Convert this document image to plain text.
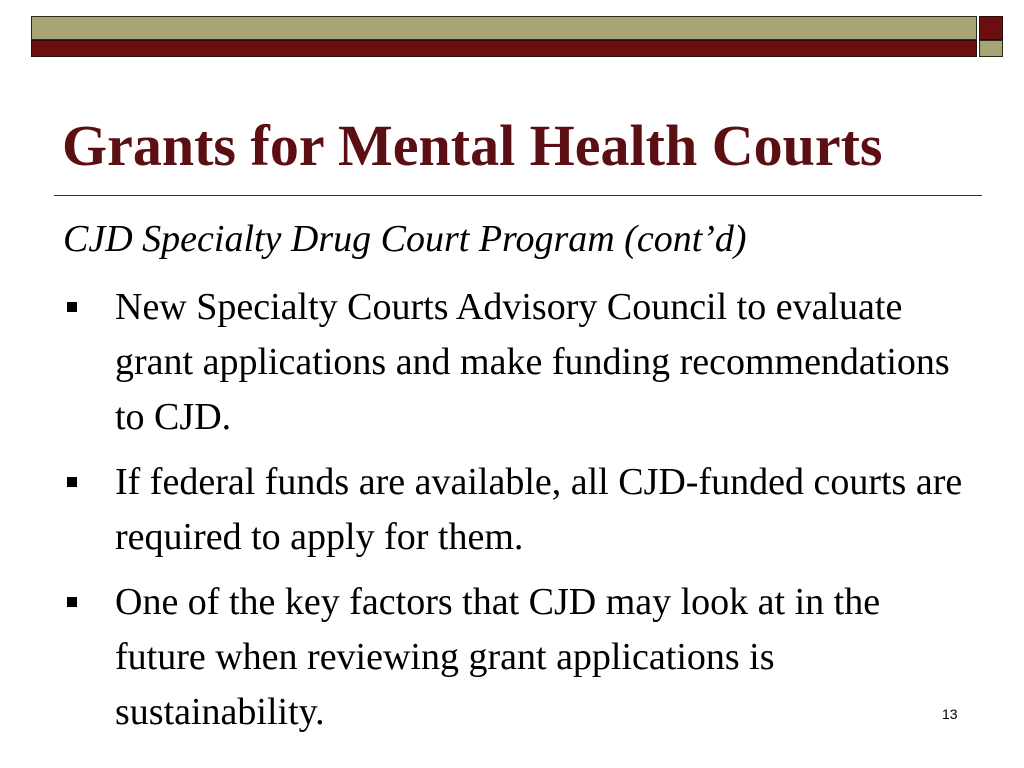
Grants for Mental Health Courts

CJD Specialty Drug Court Program (cont’d)

New Specialty Courts Advisory Council to evaluate grant applications and make funding recommendations to CJD.
If federal funds are available, all CJD-funded courts are required to apply for them.
One of the key factors that CJD may look at in the future when reviewing grant applications is sustainability.	13
